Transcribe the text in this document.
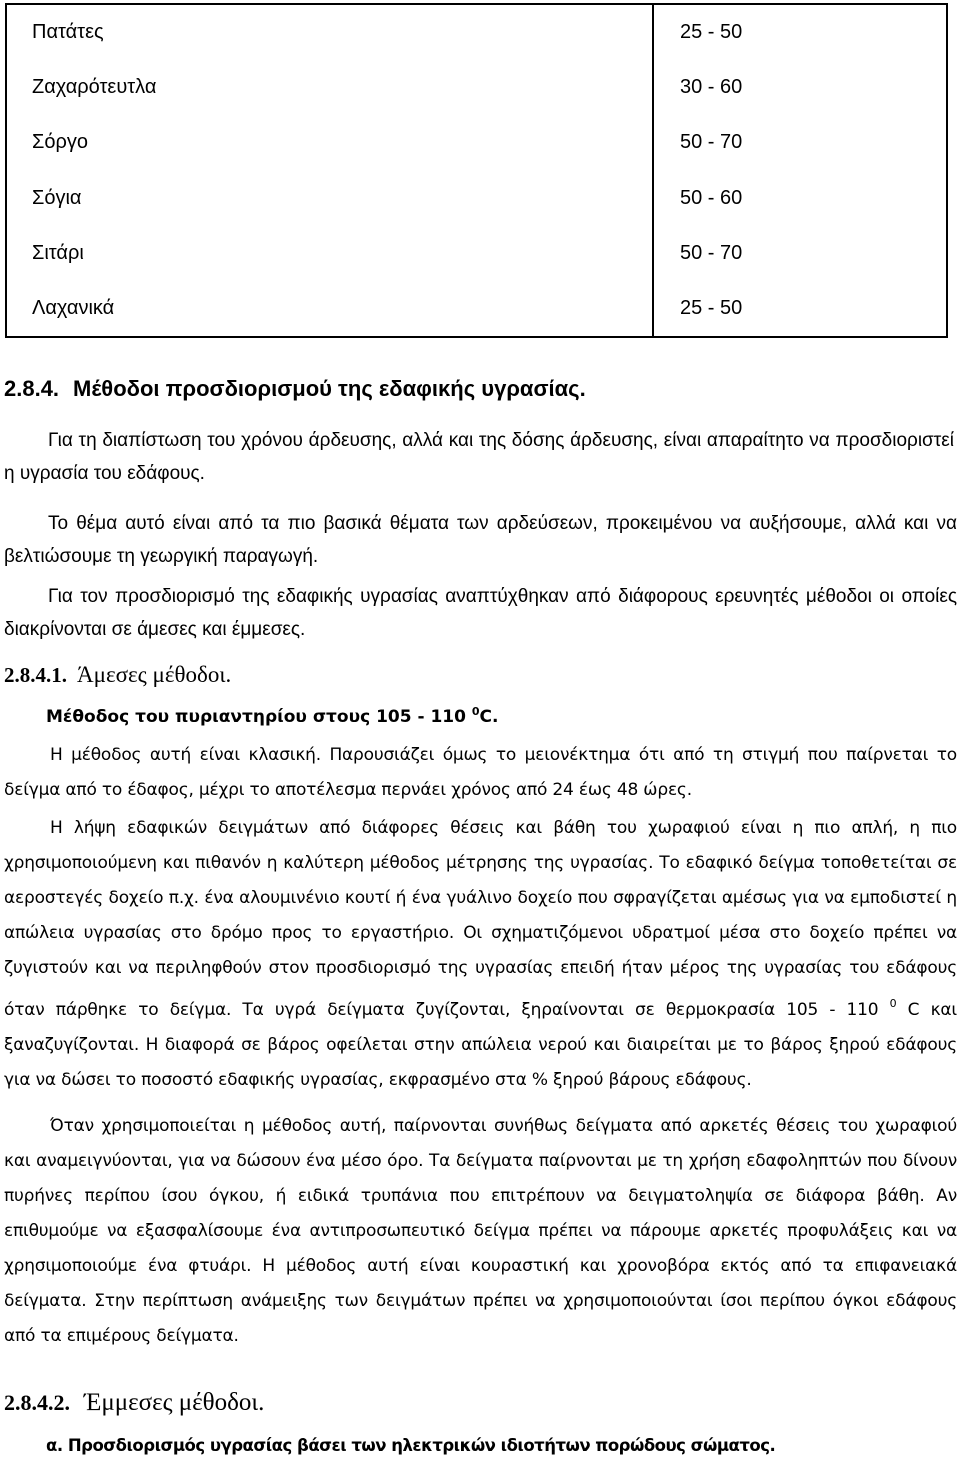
Πατάτες	25 - 50
Ζαχαρότευτλα	30 - 60
Σόργο	50 - 70
Σόγια	50 - 60
Σιτάρι	50 - 70
Λαχανικά	25 - 50
2.8.4. Μέθοδοι προσδιορισμού της εδαφικής υγρασίας.

Για τη διαπίστωση του χρόνου άρδευσης, αλλά και της δόσης άρδευσης, είναι απαραίτητο να προσδιοριστεί η υγρασία του εδάφους.

Το θέμα αυτό είναι από τα πιο βασικά θέματα των αρδεύσεων, προκειμένου να αυξήσουμε, αλλά και να βελτιώσουμε τη γεωργική παραγωγή.

Για τον προσδιορισμό της εδαφικής υγρασίας αναπτύχθηκαν από διάφορους ερευνητές μέθοδοι οι οποίες διακρίνονται σε άμεσες και έμμεσες.

2.8.4.1. Άμεσες μέθοδοι.
Μέθοδος του πυριαντηρίου στους 105 - 110 $^0$C.

Η μέθοδος αυτή είναι κλασική. Παρουσιάζει όμως το μειονέκτημα ότι από τη στιγμή που παίρνεται το δείγμα από το έδαφος, μέχρι το αποτέλεσμα περνάει χρόνος από 24 έως 48 ώρες.

Η λήψη εδαφικών δειγμάτων από διάφορες θέσεις και βάθη του χωραφιού είναι η πιο απλή, η πιο χρησιμοποιούμενη και πιθανόν η καλύτερη μέθοδος μέτρησης της υγρασίας. Το εδαφικό δείγμα τοποθετείται σε αεροστεγές δοχείο π.χ. ένα αλουμινένιο κουτί ή ένα γυάλινο δοχείο που σφραγίζεται αμέσως για να εμποδιστεί η απώλεια υγρασίας στο δρόμο προς το εργαστήριο. Οι σχηματιζόμενοι υδρατμοί μέσα στο δοχείο πρέπει να ζυγιστούν και να περιληφθούν στον προσδιορισμό της υγρασίας επειδή ήταν μέρος της υγρασίας του εδάφους όταν πάρθηκε το δείγμα. Τα υγρά δείγματα ζυγίζονται, ξηραίνονται σε θερμοκρασία 105 - 110 $^0$ C και ξαναζυγίζονται. Η διαφορά σε βάρος οφείλεται στην απώλεια νερού και διαιρείται με το βάρος ξηρού εδάφους για να δώσει το ποσοστό εδαφικής υγρασίας, εκφρασμένο στα % ξηρού βάρους εδάφους.

Όταν χρησιμοποιείται η μέθοδος αυτή, παίρνονται συνήθως δείγματα από αρκετές θέσεις του χωραφιού και αναμειγνύονται, για να δώσουν ένα μέσο όρο. Τα δείγματα παίρνονται με τη χρήση εδαφοληπτών που δίνουν πυρήνες περίπου ίσου όγκου, ή ειδικά τρυπάνια που επιτρέπουν να δειγματοληψία σε διάφορα βάθη. Αν επιθυμούμε να εξασφαλίσουμε ένα αντιπροσωπευτικό δείγμα πρέπει να πάρουμε αρκετές προφυλάξεις και να χρησιμοποιούμε ένα φτυάρι. Η μέθοδος αυτή είναι κουραστική και χρονοβόρα εκτός από τα επιφανειακά δείγματα. Στην περίπτωση ανάμειξης των δειγμάτων πρέπει να χρησιμοποιούνται ίσοι περίπου όγκοι εδάφους από τα επιμέρους δείγματα.

2.8.4.2. Έμμεσες μέθοδοι.
α. Προσδιορισμός υγρασίας βάσει των ηλεκτρικών ιδιοτήτων πορώδους σώματος.
